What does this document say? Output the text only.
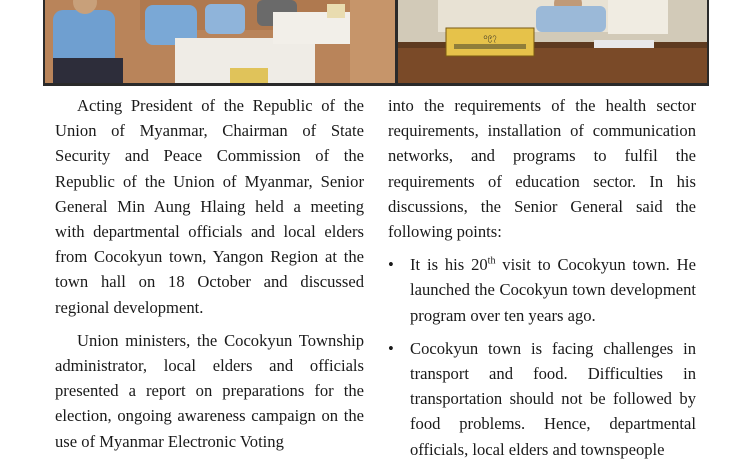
ဝ၉၇

Acting President of the Republic of the Union of Myanmar, Chairman of State Security and Peace Commission of the Republic of the Union of Myanmar, Senior General Min Aung Hlaing held a meeting with departmental officials and local elders from Cocokyun town, Yangon Region at the town hall on 18 October and discussed regional development.

Union ministers, the Cocokyun Township administrator, local elders and officials presented a report on preparations for the election, ongoing awareness campaign on the use of Myanmar Electronic Voting

into the requirements of the health sector requirements, installation of communication networks, and programs to fulfil the requirements of education sector. In his discussions, the Senior General said the following points:

• It is his 20th visit to Cocokyun town. He launched the Cocokyun town development program over ten years ago.
• Cocokyun town is facing challenges in transport and food. Difficulties in transportation should not be followed by food problems. Hence, departmental officials, local elders and townspeople
